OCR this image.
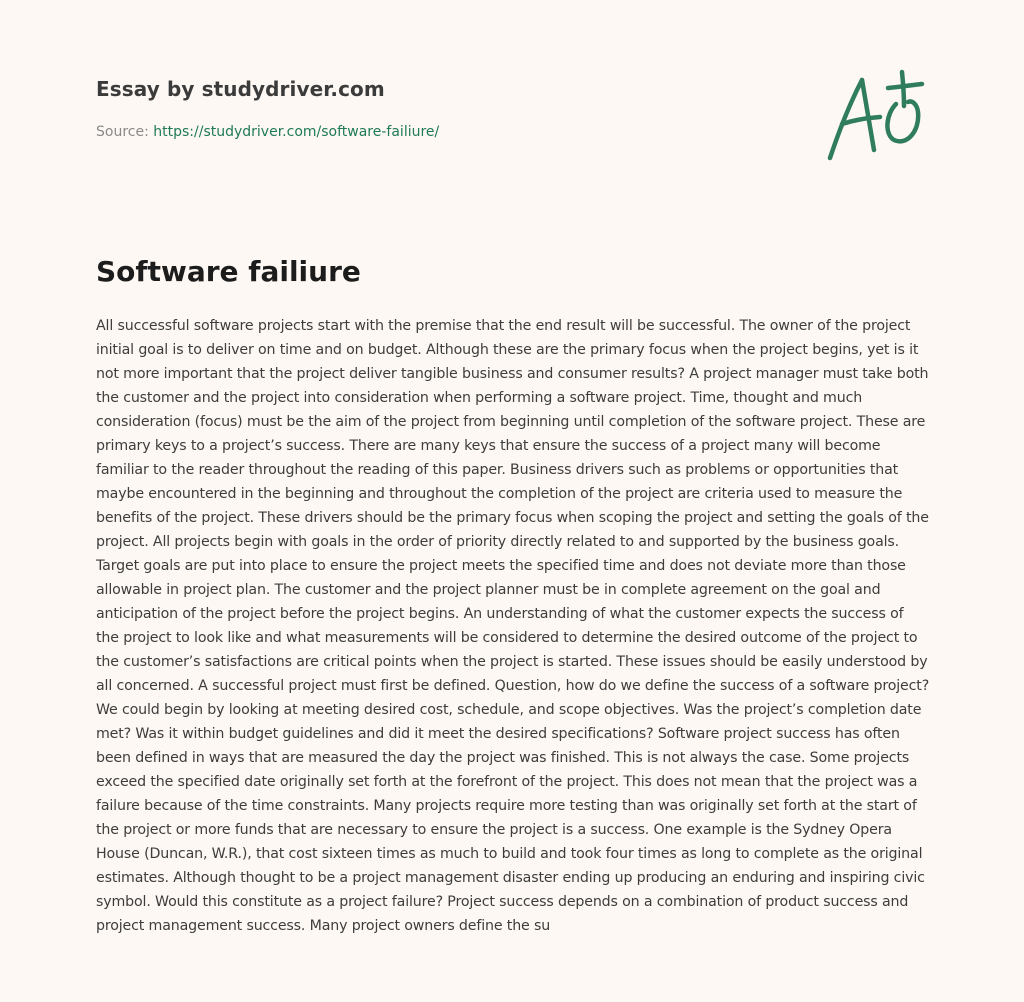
Essay by studydriver.com
Source: https://studydriver.com/software-failiure/
Software failiure

All successful software projects start with the premise that the end result will be successful. The owner of the project initial goal is to deliver on time and on budget. Although these are the primary focus when the project begins, yet is it not more important that the project deliver tangible business and consumer results? A project manager must take both the customer and the project into consideration when performing a software project. Time, thought and much consideration (focus) must be the aim of the project from beginning until completion of the software project. These are primary keys to a project’s success. There are many keys that ensure the success of a project many will become familiar to the reader throughout the reading of this paper. Business drivers such as problems or opportunities that maybe encountered in the beginning and throughout the completion of the project are criteria used to measure the benefits of the project. These drivers should be the primary focus when scoping the project and setting the goals of the project. All projects begin with goals in the order of priority directly related to and supported by the business goals. Target goals are put into place to ensure the project meets the specified time and does not deviate more than those allowable in project plan. The customer and the project planner must be in complete agreement on the goal and anticipation of the project before the project begins. An understanding of what the customer expects the success of the project to look like and what measurements will be considered to determine the desired outcome of the project to the customer’s satisfactions are critical points when the project is started. These issues should be easily understood by all concerned. A successful project must first be defined. Question, how do we define the success of a software project? We could begin by looking at meeting desired cost, schedule, and scope objectives. Was the project’s completion date met? Was it within budget guidelines and did it meet the desired specifications? Software project success has often been defined in ways that are measured the day the project was finished. This is not always the case. Some projects exceed the specified date originally set forth at the forefront of the project. This does not mean that the project was a failure because of the time constraints. Many projects require more testing than was originally set forth at the start of the project or more funds that are necessary to ensure the project is a success. One example is the Sydney Opera House (Duncan, W.R.), that cost sixteen times as much to build and took four times as long to complete as the original estimates. Although thought to be a project management disaster ending up producing an enduring and inspiring civic symbol. Would this constitute as a project failure? Project success depends on a combination of product success and project management success. Many project owners define the su
